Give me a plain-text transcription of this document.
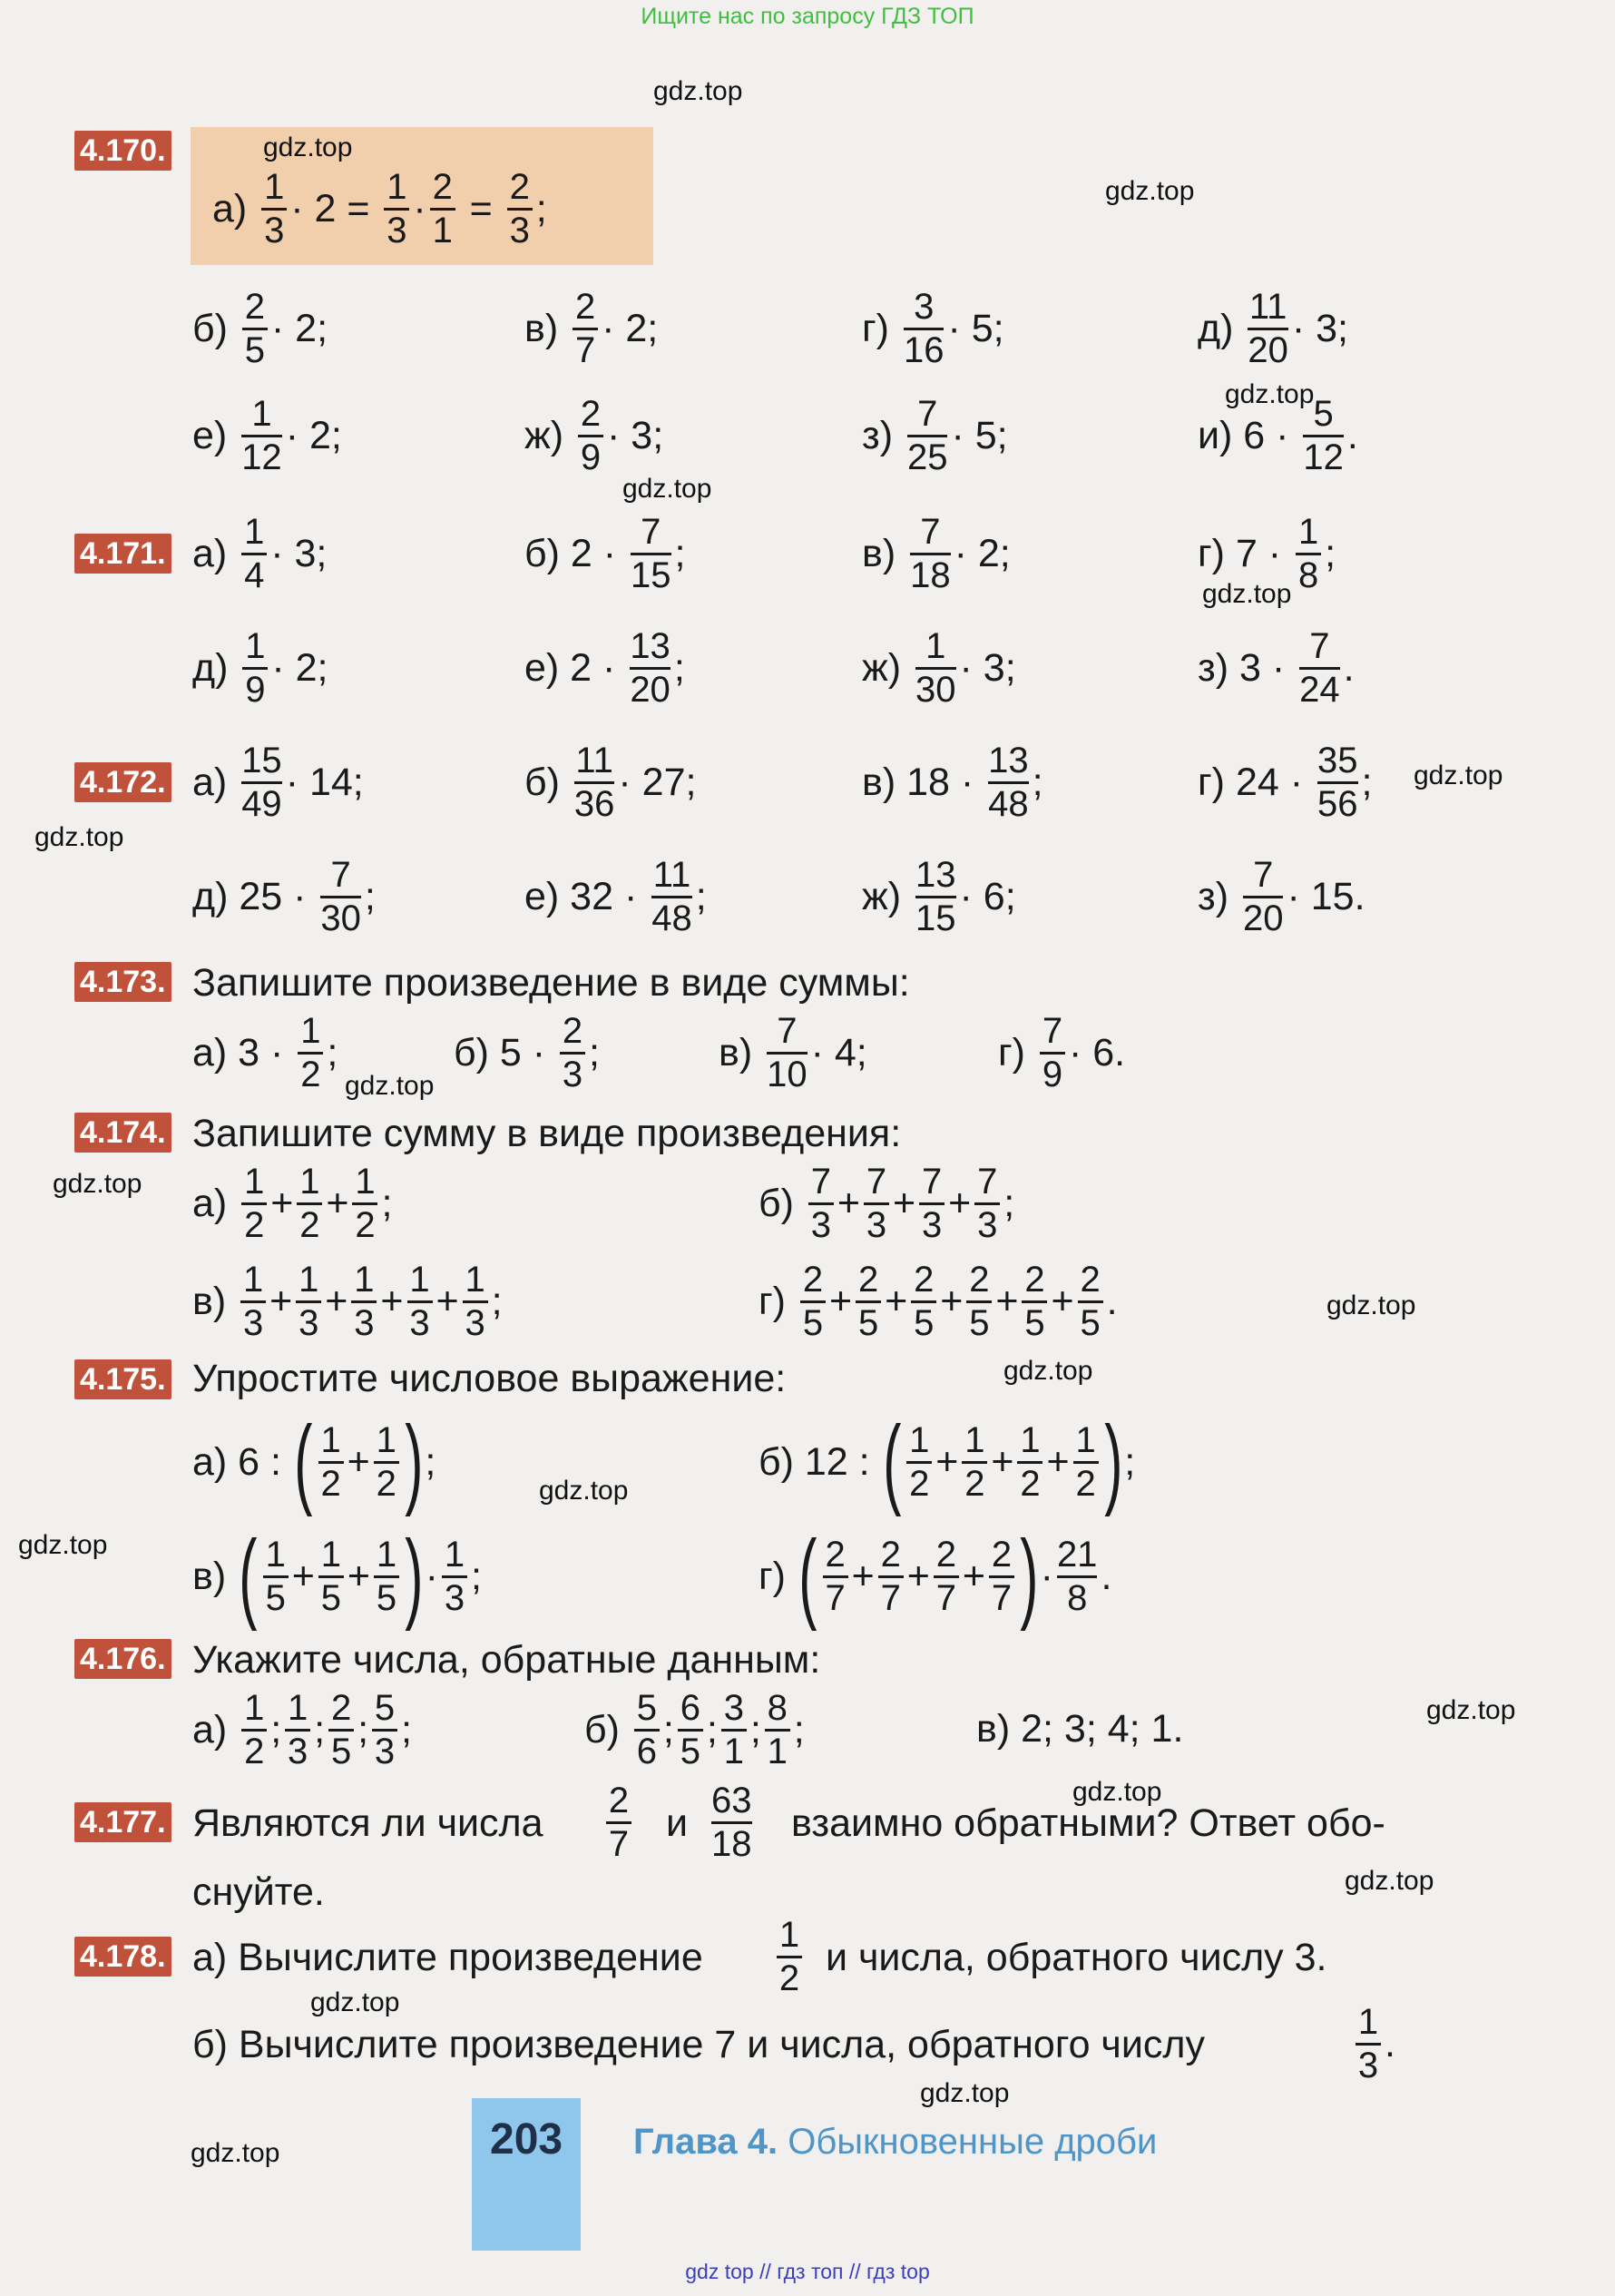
Ищите нас по запросу ГДЗ ТОП
gdz.top
gdz.top
gdz.top
gdz.top
gdz.top
gdz.top
gdz.top
gdz.top
gdz.top
gdz.top
gdz.top
gdz.top
gdz.top
gdz.top
gdz.top
gdz.top
gdz.top
gdz.top
gdz.top
gdz.top
4.170.
$а) \frac{1}{3} \cdot 2 = \frac{1}{3} \cdot \frac{2}{1} = \frac{2}{3}$ ;
$б) \frac{2}{5} \cdot 2$;	$в) \frac{2}{7} \cdot 2$;	$г) \frac{3}{16} \cdot 5$;	$д) \frac{11}{20} \cdot 3$;
$е) \frac{1}{12} \cdot 2$;	$ж) \frac{2}{9} \cdot 3$;	$з) \frac{7}{25} \cdot 5$;	и) $6 \cdot \frac{5}{12}$ .
4.171. $а) \frac{1}{4} \cdot 3$;	б) $2 \cdot \frac{7}{15}$ ;	$в) \frac{7}{18} \cdot 2$;	г) $7 \cdot \frac{1}{8}$ ;
$д) \frac{1}{9} \cdot 2$;	е) $2 \cdot \frac{13}{20}$ ;	$ж) \frac{1}{30} \cdot 3$;	з) $3 \cdot \frac{7}{24}$ .
4.172. $а) \frac{15}{49} \cdot 14$;	$б) \frac{11}{36} \cdot 27$;	в) $18 \cdot \frac{13}{48}$ ;	г) $24 \cdot \frac{35}{56}$ ;
д) $25 \cdot \frac{7}{30}$ ;	е) $32 \cdot \frac{11}{48}$ ;	$ж) \frac{13}{15} \cdot 6$;	$з) \frac{7}{20} \cdot 15$.
4.173. Запишите произведение в виде суммы:
а) $3 \cdot \frac{1}{2}$ ;	б) $5 \cdot \frac{2}{3}$ ;	$в) \frac{7}{10} \cdot 4$;	$г) \frac{7}{9} \cdot 6$.
4.174. Запишите сумму в виде произведения:
$а) \frac{1}{2} + \frac{1}{2} + \frac{1}{2}$ ;	$б) \frac{7}{3} + \frac{7}{3} + \frac{7}{3} + \frac{7}{3}$ ;
$в) \frac{1}{3} + \frac{1}{3} + \frac{1}{3} + \frac{1}{3} + \frac{1}{3}$ ;	$г) \frac{2}{5} + \frac{2}{5} + \frac{2}{5} + \frac{2}{5} + \frac{2}{5} + \frac{2}{5}$ .
4.175. Упростите числовое выражение:
а) 6 : ( $\frac{1}{2} + \frac{1}{2}$ ) ;	б) 12 : ( $\frac{1}{2} + \frac{1}{2} + \frac{1}{2} + \frac{1}{2}$ ) ;
в) ( $\frac{1}{5} + \frac{1}{5} + \frac{1}{5}$ ) · $\frac{1}{3}$ ;	г) ( $\frac{2}{7} + \frac{2}{7} + \frac{2}{7} + \frac{2}{7}$ ) · $\frac{21}{8}$ .
4.176. Укажите числа, обратные данным:
$а) \frac{1}{2}$ ; $\frac{1}{3}$ ; $\frac{2}{5}$ ; $\frac{5}{3}$ ;	$б) \frac{5}{6}$ ; $\frac{6}{5}$ ; $\frac{3}{1}$ ; $\frac{8}{1}$ ;	в) 2; 3; 4; 1.
4.177. Являются ли числа $\frac{2}{7}$ и $\frac{63}{18}$ взаимно обратными? Ответ обо-
снуйте.
4.178. а) Вычислите произведение $\frac{1}{2}$ и числа, обратного числу 3.
б) Вычислите произведение 7 и числа, обратного числу	$\frac{1}{3}$ .
203 Глава 4. Обыкновенные дроби
gdz top // гдз топ // гдз top
